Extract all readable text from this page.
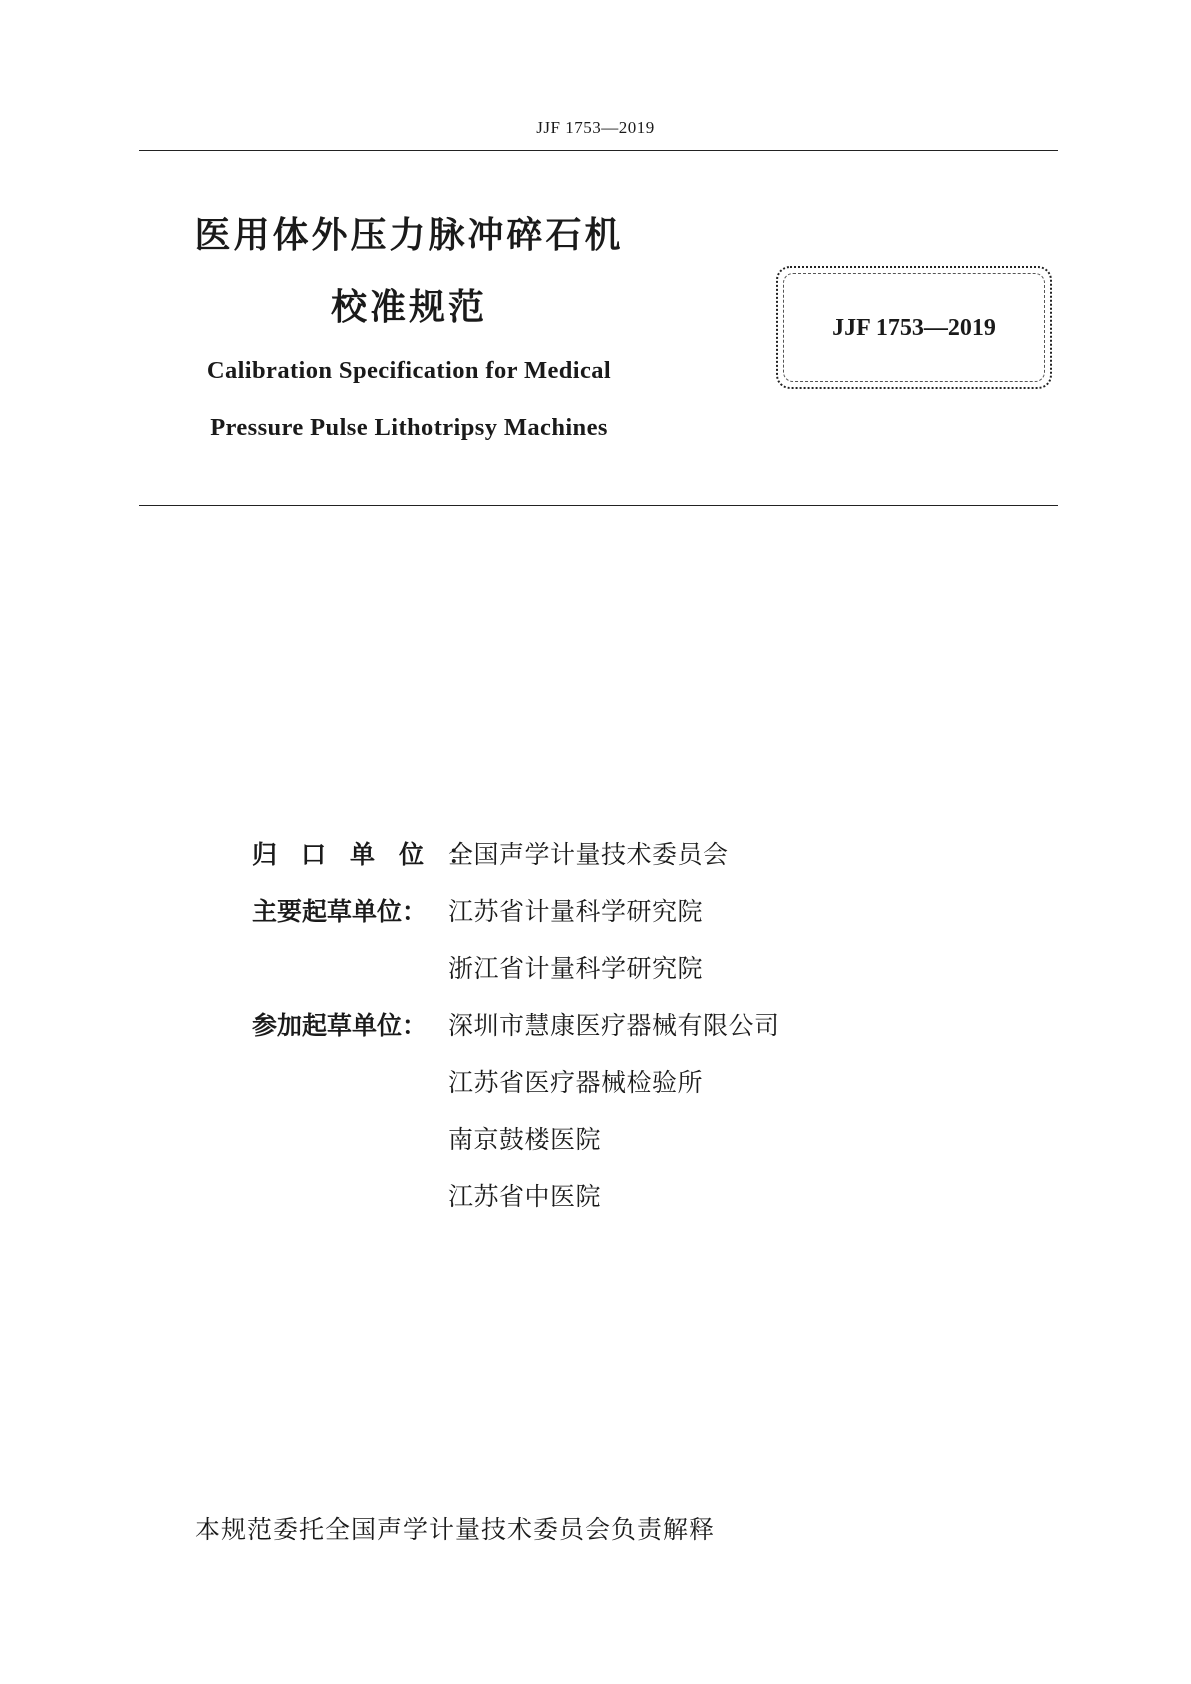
JJF 1753—2019
医用体外压力脉冲碎石机
校准规范
Calibration Specification for Medical
Pressure Pulse Lithotripsy Machines
JJF 1753—2019
归口单位：
全国声学计量技术委员会
主要起草单位： 江苏省计量科学研究院
浙江省计量科学研究院
参加起草单位： 深圳市慧康医疗器械有限公司
江苏省医疗器械检验所
南京鼓楼医院
江苏省中医院
本规范委托全国声学计量技术委员会负责解释
